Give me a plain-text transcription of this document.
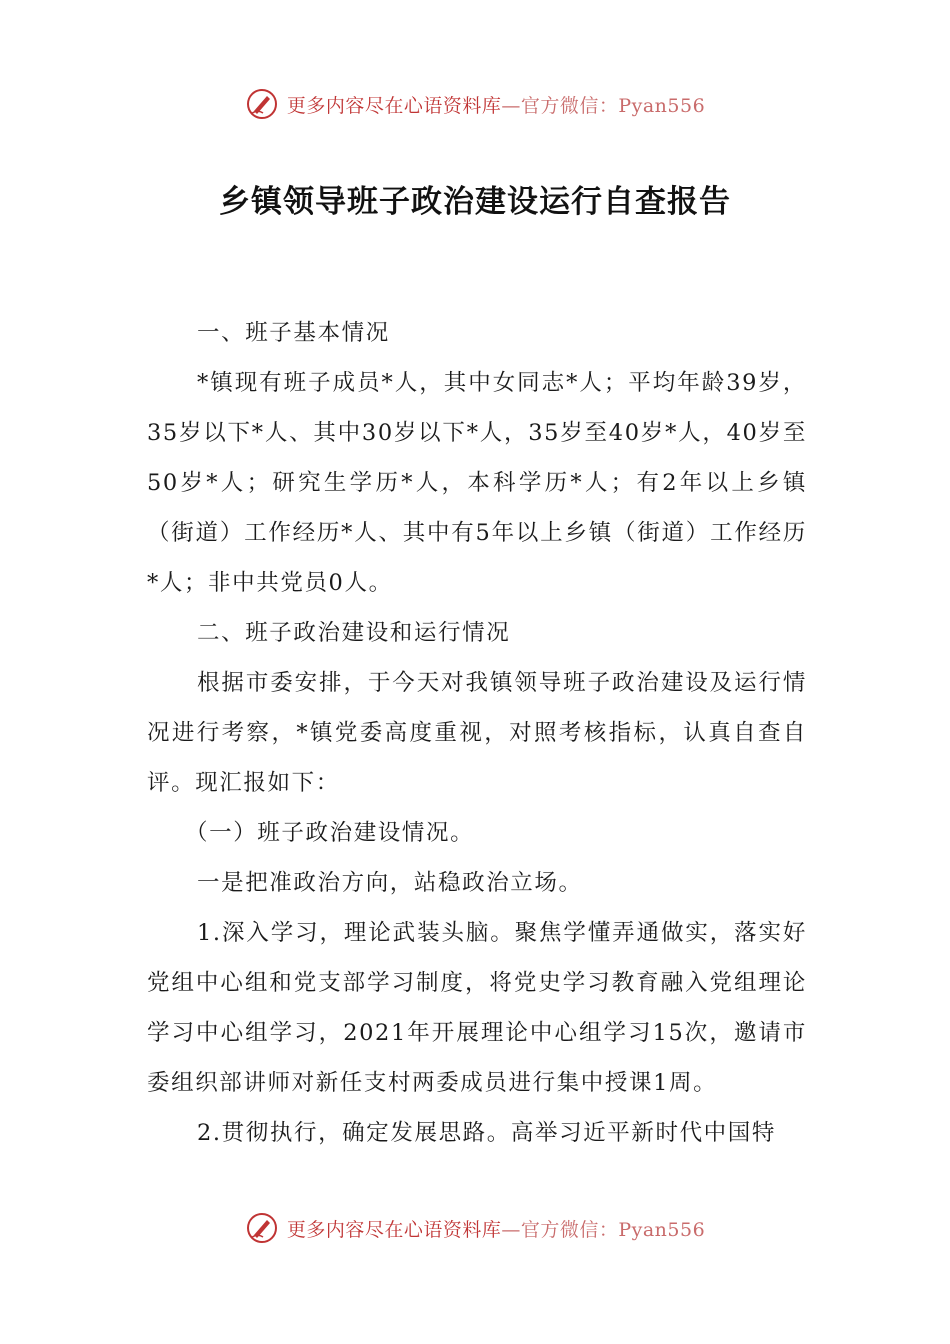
更多内容尽在心语资料库—官方微信：Pyan556
乡镇领导班子政治建设运行自查报告

一、班子基本情况

*镇现有班子成员*人，其中女同志*人；平均年龄39岁，35岁以下*人、其中30岁以下*人，35岁至40岁*人，40岁至50岁*人；研究生学历*人，本科学历*人；有2年以上乡镇（街道）工作经历*人、其中有5年以上乡镇（街道）工作经历*人；非中共党员0人。

二、班子政治建设和运行情况

根据市委安排，于今天对我镇领导班子政治建设及运行情况进行考察，*镇党委高度重视，对照考核指标，认真自查自评。现汇报如下：

（一）班子政治建设情况。

一是把准政治方向，站稳政治立场。

1.深入学习，理论武装头脑。聚焦学懂弄通做实，落实好党组中心组和党支部学习制度，将党史学习教育融入党组理论学习中心组学习，2021年开展理论中心组学习15次，邀请市委组织部讲师对新任支村两委成员进行集中授课1周。

2.贯彻执行，确定发展思路。高举习近平新时代中国特

更多内容尽在心语资料库—官方微信：Pyan556
